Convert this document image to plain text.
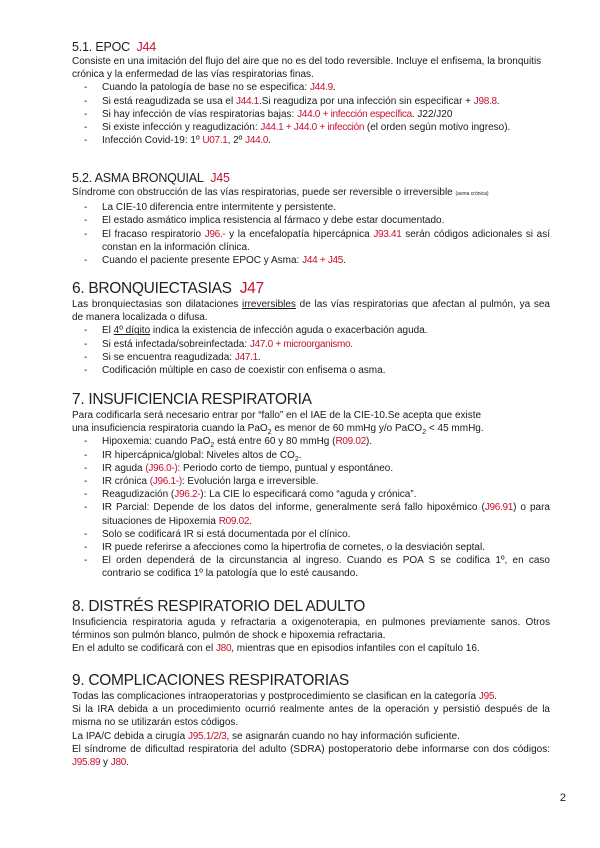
5.1. EPOC J44

Consiste en una imitación del flujo del aire que no es del todo reversible. Incluye el enfisema, la bronquitis crónica y la enfermedad de las vías respiratorias finas.

- Cuando la patología de base no se especifica: J44.9.
- Si está reagudizada se usa el J44.1.Si reagudiza por una infección sin especificar + J98.8.
- Si hay infección de vías respiratorias bajas: J44.0 + infección específica. J22/J20
- Si existe infección y reagudización: J44.1 + J44.0 + infección (el orden según motivo ingreso).
- Infección Covid-19: 1º U07.1, 2º J44.0.
5.2. ASMA BRONQUIAL J45

Síndrome con obstrucción de las vías respiratorias, puede ser reversible o irreversible (asma crónica)

- La CIE-10 diferencia entre intermitente y persistente.
- El estado asmático implica resistencia al fármaco y debe estar documentado.
- El fracaso respiratorio J96.- y la encefalopatía hipercápnica J93.41 serán códigos adicionales si así constan en la información clínica.
- Cuando el paciente presente EPOC y Asma: J44 + J45.
6. BRONQUIECTASIAS J47

Las bronquiectasias son dilataciones irreversibles de las vías respiratorias que afectan al pulmón, ya sea de manera localizada o difusa.

- El 4º dígito indica la existencia de infección aguda o exacerbación aguda.
- Si está infectada/sobreinfectada: J47.0 + microorganismo.
- Si se encuentra reagudizada: J47.1.
- Codificación múltiple en caso de coexistir con enfisema o asma.
7. INSUFICIENCIA RESPIRATORIA

Para codificarla será necesario entrar por “fallo” en el IAE de la CIE-10.Se acepta que existe

una insuficiencia respiratoria cuando la PaO$_2$ es menor de 60 mmHg y/o PaCO$_2$ < 45 mmHg.

- Hipoxemia: cuando PaO$_2$ está entre 60 y 80 mmHg (R09.02).
- IR hipercápnica/global: Niveles altos de $CO_2$.
- IR aguda (J96.0-): Periodo corto de tiempo, puntual y espontáneo.
- IR crónica (J96.1-): Evolución larga e irreversible.
- Reagudización (J96.2-): La CIE lo especificará como “aguda y crónica”.
- IR Parcial: Depende de los datos del informe, generalmente será fallo hipoxémico (J96.91) o para situaciones de Hipoxemia R09.02.
- Solo se codificará IR si está documentada por el clínico.
- IR puede referirse a afecciones como la hipertrofia de cornetes, o la desviación septal.
- El orden dependerá de la circunstancia al ingreso. Cuando es POA S se codifica 1º, en caso contrario se codifica 1º la patología que lo esté causando.
8. DISTRÉS RESPIRATORIO DEL ADULTO

Insuficiencia respiratoria aguda y refractaria a oxigenoterapia, en pulmones previamente sanos. Otros términos son pulmón blanco, pulmón de shock e hipoxemia refractaria.

En el adulto se codificará con el J80, mientras que en episodios infantiles con el capítulo 16.

9. COMPLICACIONES RESPIRATORIAS

Todas las complicaciones intraoperatorias y postprocedimiento se clasifican en la categoría J95.

Si la IRA debida a un procedimiento ocurrió realmente antes de la operación y persistió después de la misma no se utilizarán estos códigos.

La IPA/C debida a cirugía J95.1/2/3, se asignarán cuando no hay información suficiente.

El síndrome de dificultad respiratoria del adulto (SDRA) postoperatorio debe informarse con dos códigos: J95.89 y J80.

2
